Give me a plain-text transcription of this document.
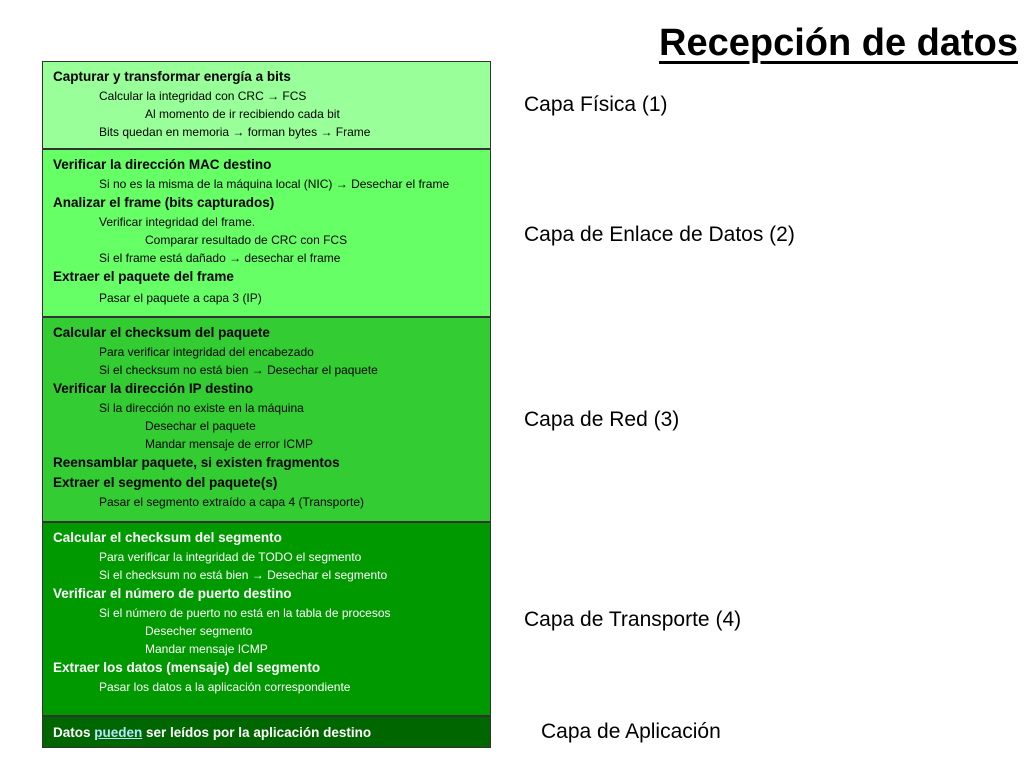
Recepción de datos
Capturar y transformar energía a bits
Calcular la integridad con CRC → FCS
Al momento de ir recibiendo cada bit
Bits quedan en memoria → forman bytes → Frame
Verificar la dirección MAC destino
Si no es la misma de la máquina local (NIC) → Desechar el frame
Analizar el frame (bits capturados)
Verificar integridad del frame.
Comparar resultado de CRC con FCS
Si el frame está dañado → desechar el frame
Extraer el paquete del frame
Pasar el paquete a capa 3 (IP)
Calcular el checksum del paquete
Para verificar integridad del encabezado
Si el checksum no está bien → Desechar el paquete
Verificar la dirección IP destino
Si la dirección no existe en la máquina
Desechar el paquete
Mandar mensaje de error ICMP
Reensamblar paquete, si existen fragmentos
Extraer el segmento del paquete(s)
Pasar el segmento extraído a capa 4 (Transporte)
Calcular el checksum del segmento
Para verificar la integridad de TODO el segmento
Si el checksum no está bien → Desechar el segmento
Verificar el número de puerto destino
Si el número de puerto no está en la tabla de procesos
Desecher segmento
Mandar mensaje ICMP
Extraer los datos (mensaje) del segmento
Pasar los datos a la aplicación correspondiente
Datos pueden ser leídos por la aplicación destino
Capa Física (1)
Capa de Enlace de Datos (2)
Capa de Red (3)
Capa de Transporte (4)
Capa de Aplicación
